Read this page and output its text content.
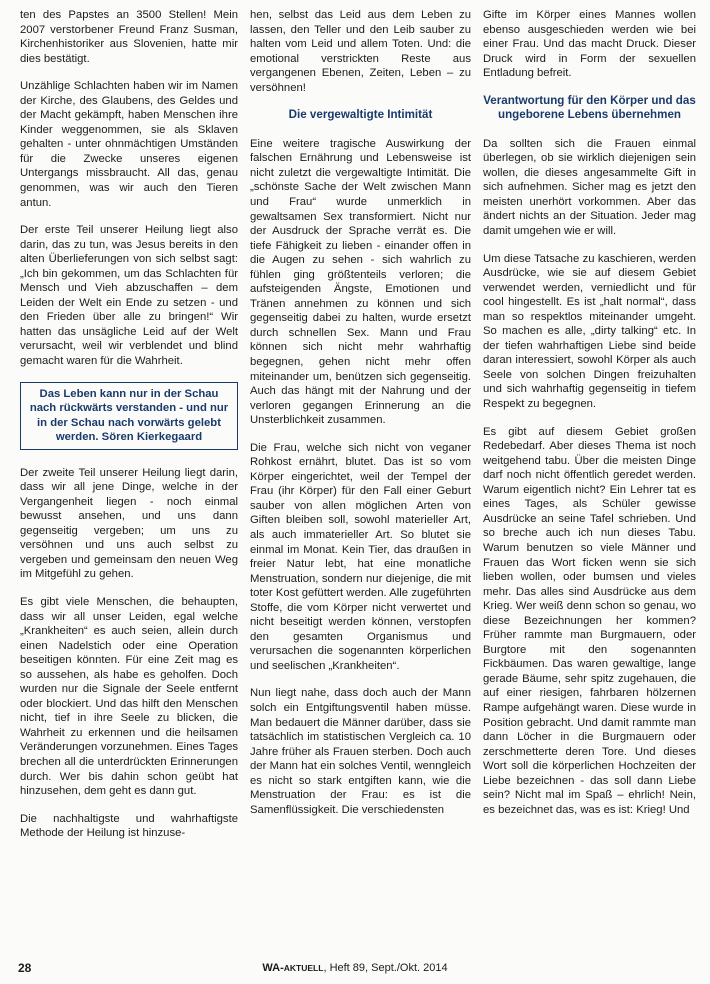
ten des Papstes an 3500 Stellen! Mein 2007 verstorbener Freund Franz Susman, Kirchenhistoriker aus Slovenien, hatte mir dies bestätigt.

Unzählige Schlachten haben wir im Namen der Kirche, des Glaubens, des Geldes und der Macht gekämpft, haben Menschen ihre Kinder weggenommen, sie als Sklaven gehalten - unter ohnmächtigen Umständen für die Zwecke unseres eigenen Untergangs missbraucht. All das, genau genommen, was wir auch den Tieren antun.

Der erste Teil unserer Heilung liegt also darin, das zu tun, was Jesus bereits in den alten Überlieferungen von sich selbst sagt: „Ich bin gekommen, um das Schlachten für Mensch und Vieh abzuschaffen – dem Leiden der Welt ein Ende zu setzen - und den Frieden über alle zu bringen!“ Wir hatten das unsägliche Leid auf der Welt verursacht, weil wir verblendet und blind gemacht waren für die Wahrheit.

Das Leben kann nur in der Schau nach rückwärts verstanden - und nur in der Schau nach vorwärts gelebt werden. Sören Kierkegaard

Der zweite Teil unserer Heilung liegt darin, dass wir all jene Dinge, welche in der Vergangenheit liegen - noch einmal bewusst ansehen, und uns dann gegenseitig vergeben; um uns zu versöhnen und uns auch selbst zu vergeben und gemeinsam den neuen Weg im Mitgefühl zu gehen.

Es gibt viele Menschen, die behaupten, dass wir all unser Leiden, egal welche „Krankheiten“ es auch seien, allein durch einen Nadelstich oder eine Operation beseitigen könnten. Für eine Zeit mag es so aussehen, als habe es geholfen. Doch wurden nur die Signale der Seele entfernt oder blockiert. Und das hilft den Menschen nicht, tief in ihre Seele zu blicken, die Wahrheit zu erkennen und die heilsamen Veränderungen vorzunehmen. Eines Tages brechen all die unterdrückten Erinnerungen durch. Wer bis dahin schon geübt hat hinzusehen, dem geht es dann gut.

Die nachhaltigste und wahrhaftigste Methode der Heilung ist hinzuse-

hen, selbst das Leid aus dem Leben zu lassen, den Teller und den Leib sauber zu halten vom Leid und allem Toten. Und: die emotional verstrickten Reste aus vergangenen Ebenen, Zeiten, Leben – zu versöhnen!

Die vergewaltigte Intimität

Eine weitere tragische Auswirkung der falschen Ernährung und Lebensweise ist nicht zuletzt die vergewaltigte Intimität. Die „schönste Sache der Welt zwischen Mann und Frau“ wurde unmerklich in gewaltsamen Sex transformiert. Nicht nur der Ausdruck der Sprache verrät es. Die tiefe Fähigkeit zu lieben - einander offen in die Augen zu sehen - sich wahrlich zu fühlen ging größtenteils verloren; die aufsteigenden Ängste, Emotionen und Tränen annehmen zu können und sich gegenseitig dabei zu halten, wurde ersetzt durch schnellen Sex. Mann und Frau können sich nicht mehr wahrhaftig begegnen, gehen nicht mehr offen miteinander um, benützen sich gegenseitig. Auch das hängt mit der Nahrung und der verloren gegangen Erinnerung an die Unsterblichkeit zusammen.

Die Frau, welche sich nicht von veganer Rohkost ernährt, blutet. Das ist so vom Körper eingerichtet, weil der Tempel der Frau (ihr Körper) für den Fall einer Geburt sauber von allen möglichen Arten von Giften bleiben soll, sowohl materieller Art, als auch immaterieller Art. So blutet sie einmal im Monat. Kein Tier, das draußen in freier Natur lebt, hat eine monatliche Menstruation, sondern nur diejenige, die mit toter Kost gefüttert werden. Alle zugeführten Stoffe, die vom Körper nicht verwertet und nicht beseitigt werden können, verstopfen den gesamten Organismus und verursachen die sogenannten körperlichen und seelischen „Krankheiten“.

Nun liegt nahe, dass doch auch der Mann solch ein Entgiftungsventil haben müsse. Man bedauert die Männer darüber, dass sie tatsächlich im statistischen Vergleich ca. 10 Jahre früher als Frauen sterben. Doch auch der Mann hat ein solches Ventil, wenngleich es nicht so stark entgiften kann, wie die Menstruation der Frau: es ist die Samenflüssigkeit. Die verschiedensten

Gifte im Körper eines Mannes wollen ebenso ausgeschieden werden wie bei einer Frau. Und das macht Druck. Dieser Druck wird in Form der sexuellen Entladung befreit.

Verantwortung für den Körper und das ungeborene Lebens übernehmen

Da sollten sich die Frauen einmal überlegen, ob sie wirklich diejenigen sein wollen, die dieses angesammelte Gift in sich aufnehmen. Sicher mag es jetzt den meisten unerhört vorkommen. Aber das ändert nichts an der Situation. Jeder mag damit umgehen wie er will.

Um diese Tatsache zu kaschieren, werden Ausdrücke, wie sie auf diesem Gebiet verwendet werden, verniedlicht und für cool hingestellt. Es ist „halt normal“, dass man so respektlos miteinander umgeht. So machen es alle, „dirty talking“ etc. In der tiefen wahrhaftigen Liebe sind beide daran interessiert, sowohl Körper als auch Seele von solchen Dingen freizuhalten und sich wahrhaftig gegenseitig in tiefem Respekt zu begegnen.

Es gibt auf diesem Gebiet großen Redebedarf. Aber dieses Thema ist noch weitgehend tabu. Über die meisten Dinge darf noch nicht öffentlich geredet werden. Warum eigentlich nicht? Ein Lehrer tat es eines Tages, als Schüler gewisse Ausdrücke an seine Tafel schrieben. Und so breche auch ich nun dieses Tabu. Warum benutzen so viele Männer und Frauen das Wort ficken wenn sie sich lieben wollen, oder bumsen und vieles mehr. Das alles sind Ausdrücke aus dem Krieg. Wer weiß denn schon so genau, wo diese Bezeichnungen her kommen? Früher rammte man Burgmauern, oder Burgtore mit den sogenannten Fickbäumen. Das waren gewaltige, lange gerade Bäume, sehr spitz zugehauen, die auf einer riesigen, fahrbaren hölzernen Rampe aufgehängt waren. Diese wurde in Position gebracht. Und damit rammte man dann Löcher in die Burgmauern oder zerschmetterte deren Tore. Und dieses Wort soll die körperlichen Hochzeiten der Liebe bezeichnen - das soll dann Liebe sein? Nicht mal im Spaß – ehrlich! Nein, es bezeichnet das, was es ist: Krieg! Und

28	WA-AKTUELL, Heft 89, Sept./Okt. 2014
